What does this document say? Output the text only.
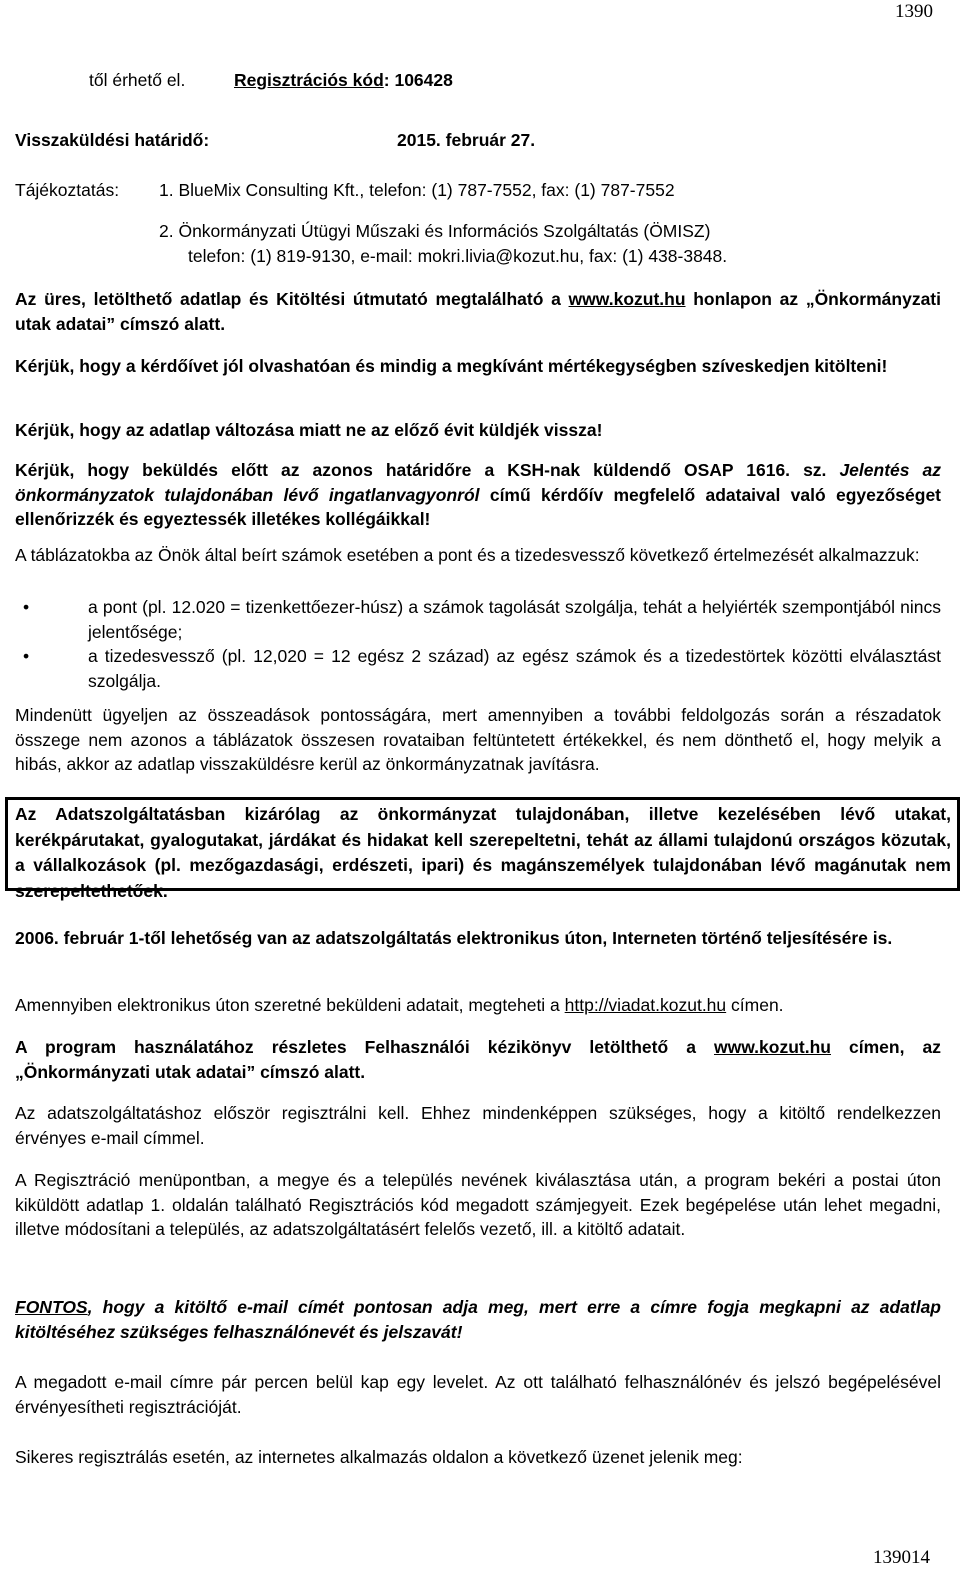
1390
139014
től érhető el.	Regisztrációs kód: 106428
Visszaküldési határidő:	2015. február 27.
Tájékoztatás: 1. BlueMix Consulting Kft., telefon: (1) 787-7552, fax: (1) 787-7552
2. Önkormányzati Útügyi Műszaki és Információs Szolgáltatás (ÖMISZ)
telefon: (1) 819-9130, e-mail: mokri.livia@kozut.hu, fax: (1) 438-3848.
Az üres, letölthető adatlap és Kitöltési útmutató megtalálható a www.kozut.hu honlapon az „Önkormányzati utak adatai” címszó alatt.
Kérjük, hogy a kérdőívet jól olvashatóan és mindig a megkívánt mértékegységben szíveskedjen kitölteni!
Kérjük, hogy az adatlap változása miatt ne az előző évit küldjék vissza!
Kérjük, hogy beküldés előtt az azonos határidőre a KSH-nak küldendő OSAP 1616. sz. Jelentés az önkormányzatok tulajdonában lévő ingatlanvagyonról című kérdőív megfelelő adataival való egyezőséget ellenőrizzék és egyeztessék illetékes kollégáikkal!
A táblázatokba az Önök által beírt számok esetében a pont és a tizedesvessző következő értelmezését alkalmazzuk:
•	a pont (pl. 12.020 = tizenkettőezer-húsz) a számok tagolását szolgálja, tehát a helyiérték szempontjából nincs jelentősége;
•	a tizedesvessző (pl. 12,020 = 12 egész 2 század) az egész számok és a tizedestörtek közötti elválasztást szolgálja.
Mindenütt ügyeljen az összeadások pontosságára, mert amennyiben a további feldolgozás során a részadatok összege nem azonos a táblázatok összesen rovataiban feltüntetett értékekkel, és nem dönthető el, hogy melyik a hibás, akkor az adatlap visszaküldésre kerül az önkormányzatnak javításra.
Az Adatszolgáltatásban kizárólag az önkormányzat tulajdonában, illetve kezelésében lévő utakat, kerékpárutakat, gyalogutakat, járdákat és hidakat kell szerepeltetni, tehát az állami tulajdonú országos közutak, a vállalkozások (pl. mezőgazdasági, erdészeti, ipari) és magánszemélyek tulajdonában lévő magánutak nem szerepeltethetőek.
2006. február 1-től lehetőség van az adatszolgáltatás elektronikus úton, Interneten történő teljesítésére is.
Amennyiben elektronikus úton szeretné beküldeni adatait, megteheti a http://viadat.kozut.hu címen.
A program használatához részletes Felhasználói kézikönyv letölthető a www.kozut.hu címen, az „Önkormányzati utak adatai” címszó alatt.
Az adatszolgáltatáshoz először regisztrálni kell. Ehhez mindenképpen szükséges, hogy a kitöltő rendelkezzen érvényes e-mail címmel.
A Regisztráció menüpontban, a megye és a település nevének kiválasztása után, a program bekéri a postai úton kiküldött adatlap 1. oldalán található Regisztrációs kód megadott számjegyeit. Ezek begépelése után lehet megadni, illetve módosítani a település, az adatszolgáltatásért felelős vezető, ill. a kitöltő adatait.
FONTOS, hogy a kitöltő e-mail címét pontosan adja meg, mert erre a címre fogja megkapni az adatlap kitöltéséhez szükséges felhasználónevét és jelszavát!
A megadott e-mail címre pár percen belül kap egy levelet. Az ott található felhasználónév és jelszó begépelésével érvényesítheti regisztrációját.
Sikeres regisztrálás esetén, az internetes alkalmazás oldalon a következő üzenet jelenik meg:
